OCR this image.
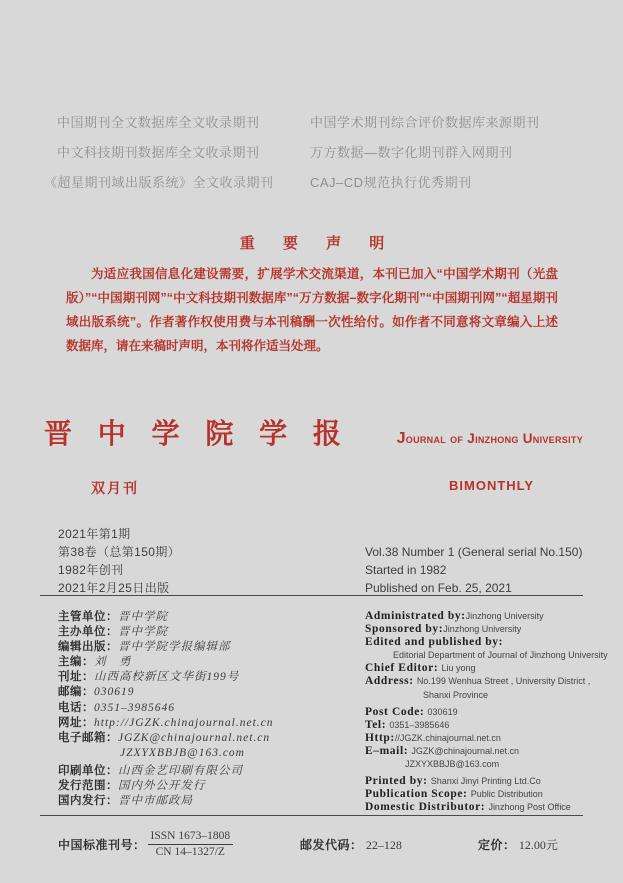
中国期刊全文数据库全文收录期刊	中国学术期刊综合评价数据库来源期刊
中文科技期刊数据库全文收录期刊	万方数据—数字化期刊群入网期刊
《超星期刊域出版系统》全文收录期刊	CAJ–CD规范执行优秀期刊
重 要 声 明
为适应我国信息化建设需要，扩展学术交流渠道，本刊已加入“中国学术期刊（光盘版）”“中国期刊网”“中文科技期刊数据库”“万方数据–数字化期刊”“中国期刊网”“超星期刊域出版系统”。作者著作权使用费与本刊稿酬一次性给付。如作者不同意将文章编入上述数据库，请在来稿时声明，本刊将作适当处理。
晋 中 学 院 学 报	Journal of Jinzhong University
双月刊	BIMONTHLY
2021年第1期
第38卷（总第150期）
1982年创刊
2021年2月25日出版
Vol.38 Number 1 (General serial No.150)
Started in 1982
Published on Feb. 25, 2021
主管单位：晋中学院
主办单位：晋中学院
编辑出版：晋中学院学报编辑部
主编：刘　勇
刊址：山西高校新区文华街199号
邮编：030619
电话：0351–3985646
网址：http://JGZK.chinajournal.net.cn
电子邮箱：JGZK@chinajournal.net.cn
JZXYXBBJB@163.com
印刷单位：山西金艺印刷有限公司
发行范围：国内外公开发行
国内发行：晋中市邮政局
Administrated by:Jinzhong University
Sponsored by:Jinzhong University
Edited and published by:
Editorial Department of Journal of Jinzhong University
Chief Editor: Liu yong
Address: No.199 Wenhua Street , University District ,
Shanxi Province
Post Code: 030619
Tel: 0351–3985646
Http://JGZK.chinajournal.net.cn
E–mail: JGZK@chinajournal.net.cn
JZXYXBBJB@163.com
Printed by: Shanxi Jinyi Printing Ltd.Co
Publication Scope: Public Distribution
Domestic Distributor: Jinzhong Post Office
中国标准刊号： $\frac{\text{ISSN 1673–1808}}{CN 14-1327/Z}$	邮发代码： 22–128	定价： 12.00元
